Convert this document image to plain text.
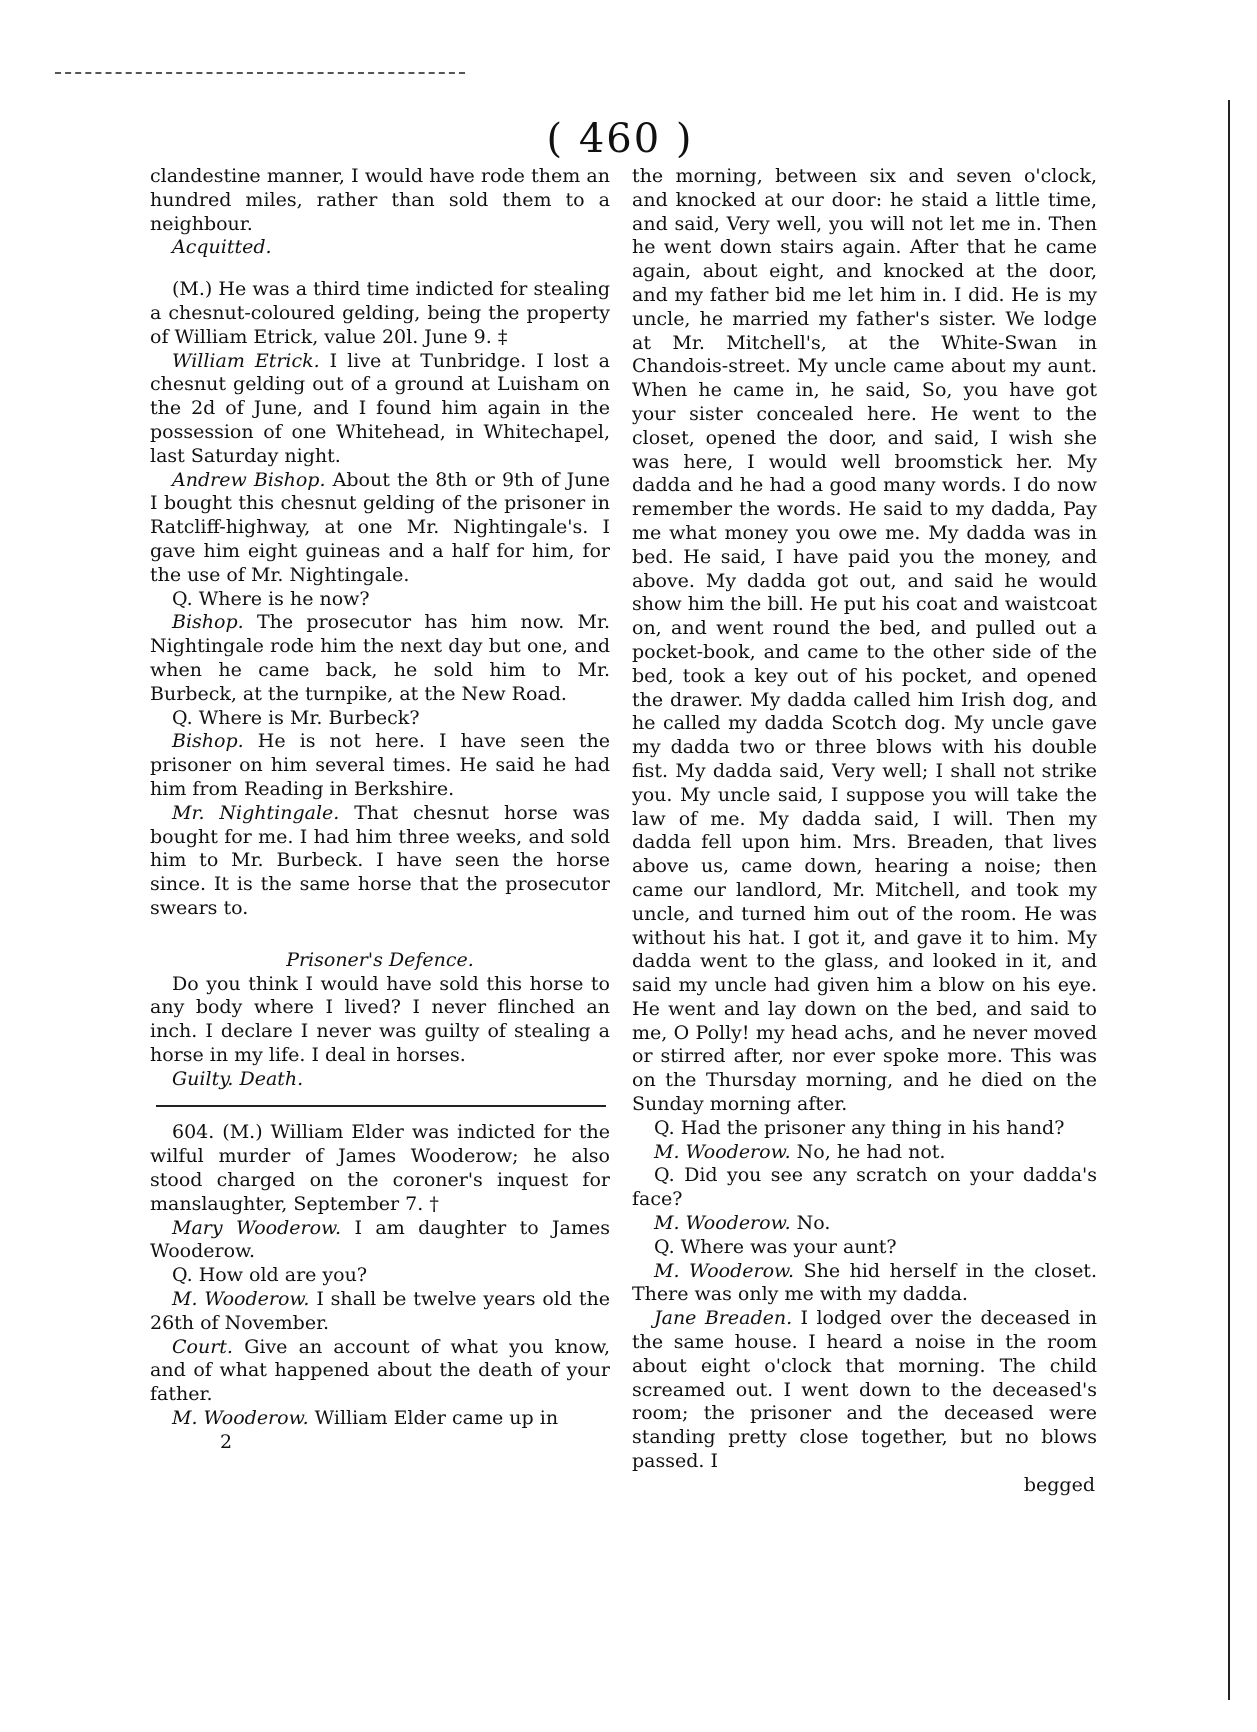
( 460 )

clandestine manner, I would have rode them an hundred miles, rather than sold them to a neighbour.

Acquitted.

(M.) He was a third time indicted for stealing a chesnut-coloured gelding, being the property of William Etrick, value 20l. June 9. ‡

William Etrick. I live at Tunbridge. I lost a chesnut gelding out of a ground at Luisham on the 2d of June, and I found him again in the possession of one Whitehead, in Whitechapel, last Saturday night.

Andrew Bishop. About the 8th or 9th of June I bought this chesnut gelding of the prisoner in Ratcliff-highway, at one Mr. Nightingale's. I gave him eight guineas and a half for him, for the use of Mr. Nightingale.

Q. Where is he now?

Bishop. The prosecutor has him now. Mr. Nightingale rode him the next day but one, and when he came back, he sold him to Mr. Burbeck, at the turnpike, at the New Road.

Q. Where is Mr. Burbeck?

Bishop. He is not here. I have seen the prisoner on him several times. He said he had him from Reading in Berkshire.

Mr. Nightingale. That chesnut horse was bought for me. I had him three weeks, and sold him to Mr. Burbeck. I have seen the horse since. It is the same horse that the prosecutor swears to.

Prisoner's Defence.

Do you think I would have sold this horse to any body where I lived? I never flinched an inch. I declare I never was guilty of stealing a horse in my life. I deal in horses.

Guilty. Death.

604. (M.) William Elder was indicted for the wilful murder of James Wooderow; he also stood charged on the coroner's inquest for manslaughter, September 7. †

Mary Wooderow. I am daughter to James Wooderow.

Q. How old are you?

M. Wooderow. I shall be twelve years old the 26th of November.

Court. Give an account of what you know, and of what happened about the death of your father.

M. Wooderow. William Elder came up in

2

the morning, between six and seven o'clock, and knocked at our door: he staid a little time, and said, Very well, you will not let me in. Then he went down stairs again. After that he came again, about eight, and knocked at the door, and my father bid me let him in. I did. He is my uncle, he married my father's sister. We lodge at Mr. Mitchell's, at the White-Swan in Chandois-street. My uncle came about my aunt. When he came in, he said, So, you have got your sister concealed here. He went to the closet, opened the door, and said, I wish she was here, I would well broomstick her. My dadda and he had a good many words. I do now remember the words. He said to my dadda, Pay me what money you owe me. My dadda was in bed. He said, I have paid you the money, and above. My dadda got out, and said he would show him the bill. He put his coat and waistcoat on, and went round the bed, and pulled out a pocket-book, and came to the other side of the bed, took a key out of his pocket, and opened the drawer. My dadda called him Irish dog, and he called my dadda Scotch dog. My uncle gave my dadda two or three blows with his double fist. My dadda said, Very well; I shall not strike you. My uncle said, I suppose you will take the law of me. My dadda said, I will. Then my dadda fell upon him. Mrs. Breaden, that lives above us, came down, hearing a noise; then came our landlord, Mr. Mitchell, and took my uncle, and turned him out of the room. He was without his hat. I got it, and gave it to him. My dadda went to the glass, and looked in it, and said my uncle had given him a blow on his eye. He went and lay down on the bed, and said to me, O Polly! my head achs, and he never moved or stirred after, nor ever spoke more. This was on the Thursday morning, and he died on the Sunday morning after.

Q. Had the prisoner any thing in his hand?

M. Wooderow. No, he had not.

Q. Did you see any scratch on your dadda's face?

M. Wooderow. No.

Q. Where was your aunt?

M. Wooderow. She hid herself in the closet. There was only me with my dadda.

Jane Breaden. I lodged over the deceased in the same house. I heard a noise in the room about eight o'clock that morning. The child screamed out. I went down to the deceased's room; the prisoner and the deceased were standing pretty close together, but no blows passed. I

begged
